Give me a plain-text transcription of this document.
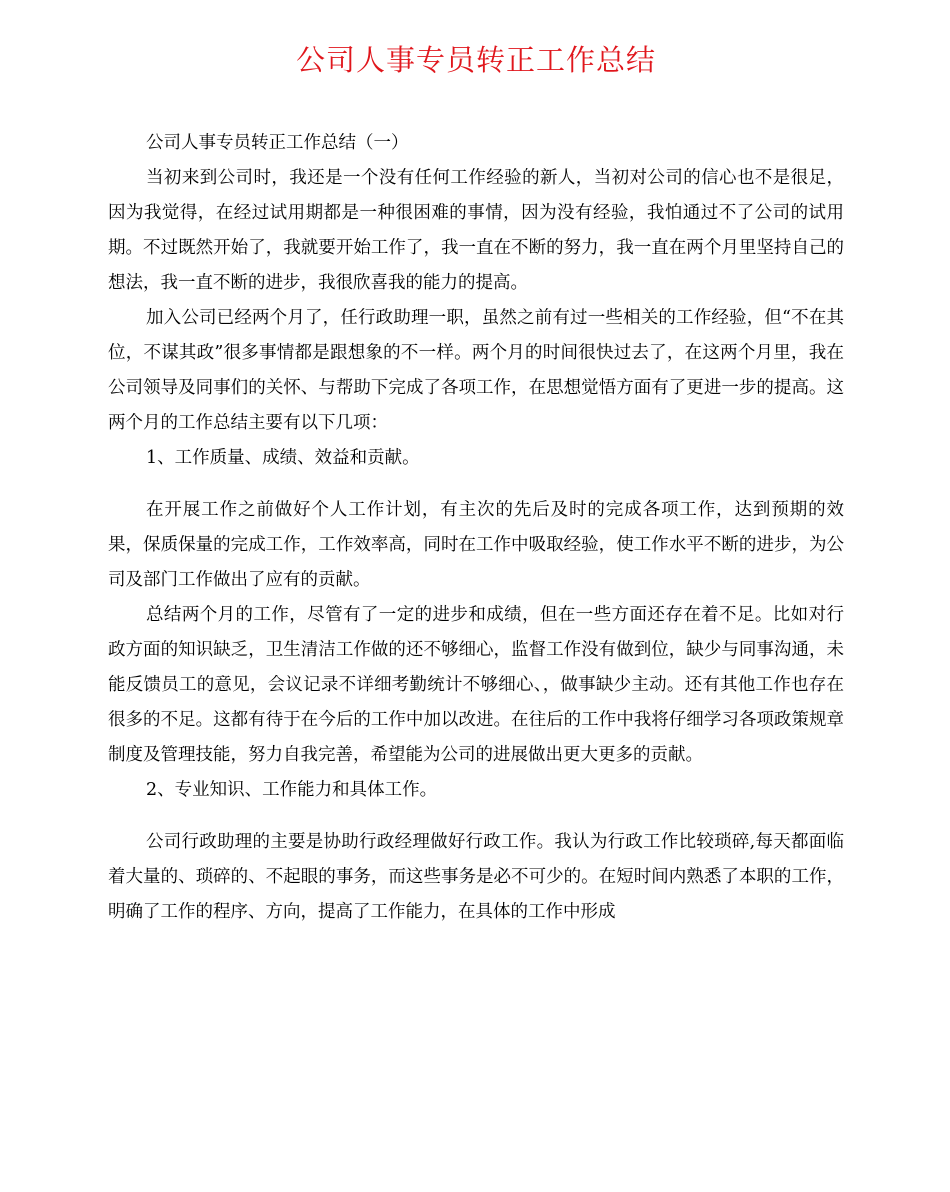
公司人事专员转正工作总结

公司人事专员转正工作总结（一）

当初来到公司时，我还是一个没有任何工作经验的新人，当初对公司的信心也不是很足，因为我觉得，在经过试用期都是一种很困难的事情，因为没有经验，我怕通过不了公司的试用期。不过既然开始了，我就要开始工作了，我一直在不断的努力，我一直在两个月里坚持自己的想法，我一直不断的进步，我很欣喜我的能力的提高。

加入公司已经两个月了，任行政助理一职，虽然之前有过一些相关的工作经验，但“不在其位，不谋其政”很多事情都是跟想象的不一样。两个月的时间很快过去了，在这两个月里，我在公司领导及同事们的关怀、与帮助下完成了各项工作，在思想觉悟方面有了更进一步的提高。这两个月的工作总结主要有以下几项：

1、工作质量、成绩、效益和贡献。

在开展工作之前做好个人工作计划，有主次的先后及时的完成各项工作，达到预期的效果，保质保量的完成工作，工作效率高，同时在工作中吸取经验，使工作水平不断的进步，为公司及部门工作做出了应有的贡献。

总结两个月的工作，尽管有了一定的进步和成绩，但在一些方面还存在着不足。比如对行政方面的知识缺乏，卫生清洁工作做的还不够细心，监督工作没有做到位，缺少与同事沟通，未能反馈员工的意见，会议记录不详细考勤统计不够细心、，做事缺少主动。还有其他工作也存在很多的不足。这都有待于在今后的工作中加以改进。在往后的工作中我将仔细学习各项政策规章制度及管理技能，努力自我完善，希望能为公司的进展做出更大更多的贡献。

2、专业知识、工作能力和具体工作。

公司行政助理的主要是协助行政经理做好行政工作。我认为行政工作比较琐碎,每天都面临着大量的、琐碎的、不起眼的事务，而这些事务是必不可少的。在短时间内熟悉了本职的工作，明确了工作的程序、方向，提高了工作能力，在具体的工作中形成
